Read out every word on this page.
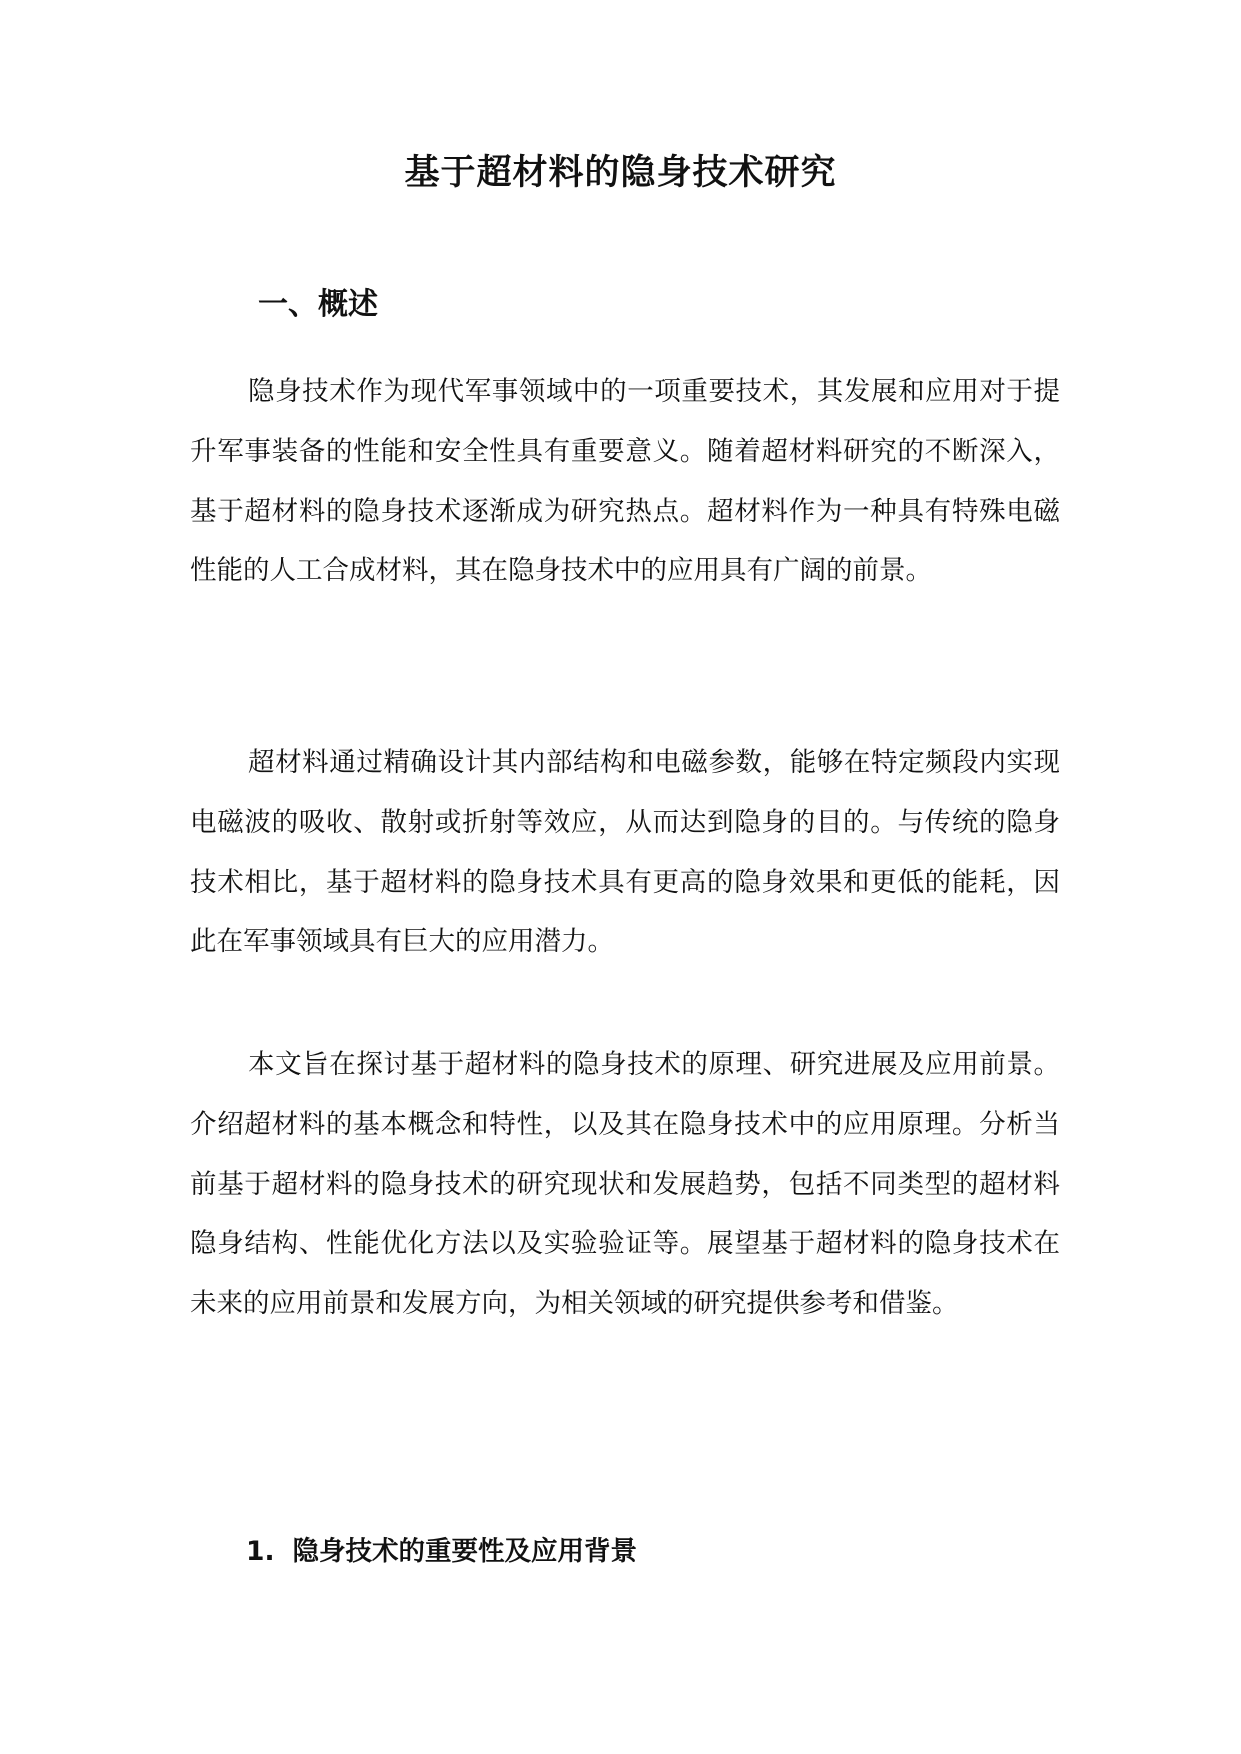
基于超材料的隐身技术研究
一、概述

隐身技术作为现代军事领域中的一项重要技术，其发展和应用对于提升军事装备的性能和安全性具有重要意义。随着超材料研究的不断深入，基于超材料的隐身技术逐渐成为研究热点。超材料作为一种具有特殊电磁性能的人工合成材料，其在隐身技术中的应用具有广阔的前景。

超材料通过精确设计其内部结构和电磁参数，能够在特定频段内实现电磁波的吸收、散射或折射等效应，从而达到隐身的目的。与传统的隐身技术相比，基于超材料的隐身技术具有更高的隐身效果和更低的能耗，因此在军事领域具有巨大的应用潜力。

本文旨在探讨基于超材料的隐身技术的原理、研究进展及应用前景。介绍超材料的基本概念和特性，以及其在隐身技术中的应用原理。分析当前基于超材料的隐身技术的研究现状和发展趋势，包括不同类型的超材料隐身结构、性能优化方法以及实验验证等。展望基于超材料的隐身技术在未来的应用前景和发展方向，为相关领域的研究提供参考和借鉴。

1. 隐身技术的重要性及应用背景
